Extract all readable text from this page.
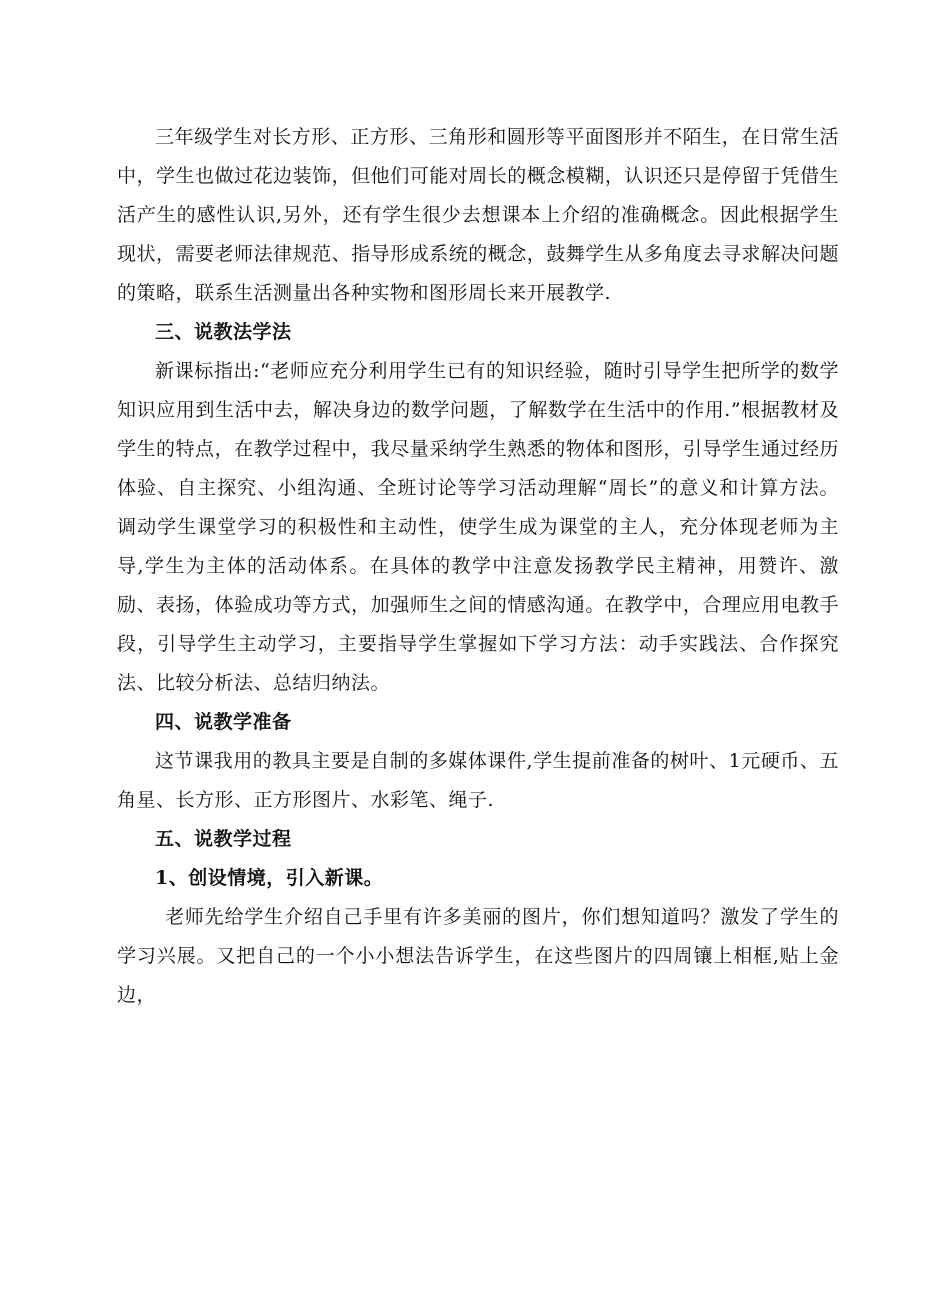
三年级学生对长方形、正方形、三角形和圆形等平面图形并不陌生，在日常生活中，学生也做过花边装饰，但他们可能对周长的概念模糊，认识还只是停留于凭借生活产生的感性认识,另外，还有学生很少去想课本上介绍的准确概念。因此根据学生现状，需要老师法律规范、指导形成系统的概念，鼓舞学生从多角度去寻求解决问题的策略，联系生活测量出各种实物和图形周长来开展教学.

三、说教法学法

新课标指出:“老师应充分利用学生已有的知识经验，随时引导学生把所学的数学知识应用到生活中去，解决身边的数学问题，了解数学在生活中的作用.”根据教材及学生的特点，在教学过程中，我尽量采纳学生熟悉的物体和图形，引导学生通过经历体验、自主探究、小组沟通、全班讨论等学习活动理解“周长”的意义和计算方法。调动学生课堂学习的积极性和主动性，使学生成为课堂的主人，充分体现老师为主导,学生为主体的活动体系。在具体的教学中注意发扬教学民主精神，用赞许、激励、表扬，体验成功等方式，加强师生之间的情感沟通。在教学中，合理应用电教手段，引导学生主动学习，主要指导学生掌握如下学习方法：动手实践法、合作探究法、比较分析法、总结归纳法。

四、说教学准备

这节课我用的教具主要是自制的多媒体课件,学生提前准备的树叶、1元硬币、五角星、长方形、正方形图片、水彩笔、绳子.

五、说教学过程

1、创设情境，引入新课。

老师先给学生介绍自己手里有许多美丽的图片，你们想知道吗？激发了学生的学习兴展。又把自己的一个小小想法告诉学生，在这些图片的四周镶上相框,贴上金边，
